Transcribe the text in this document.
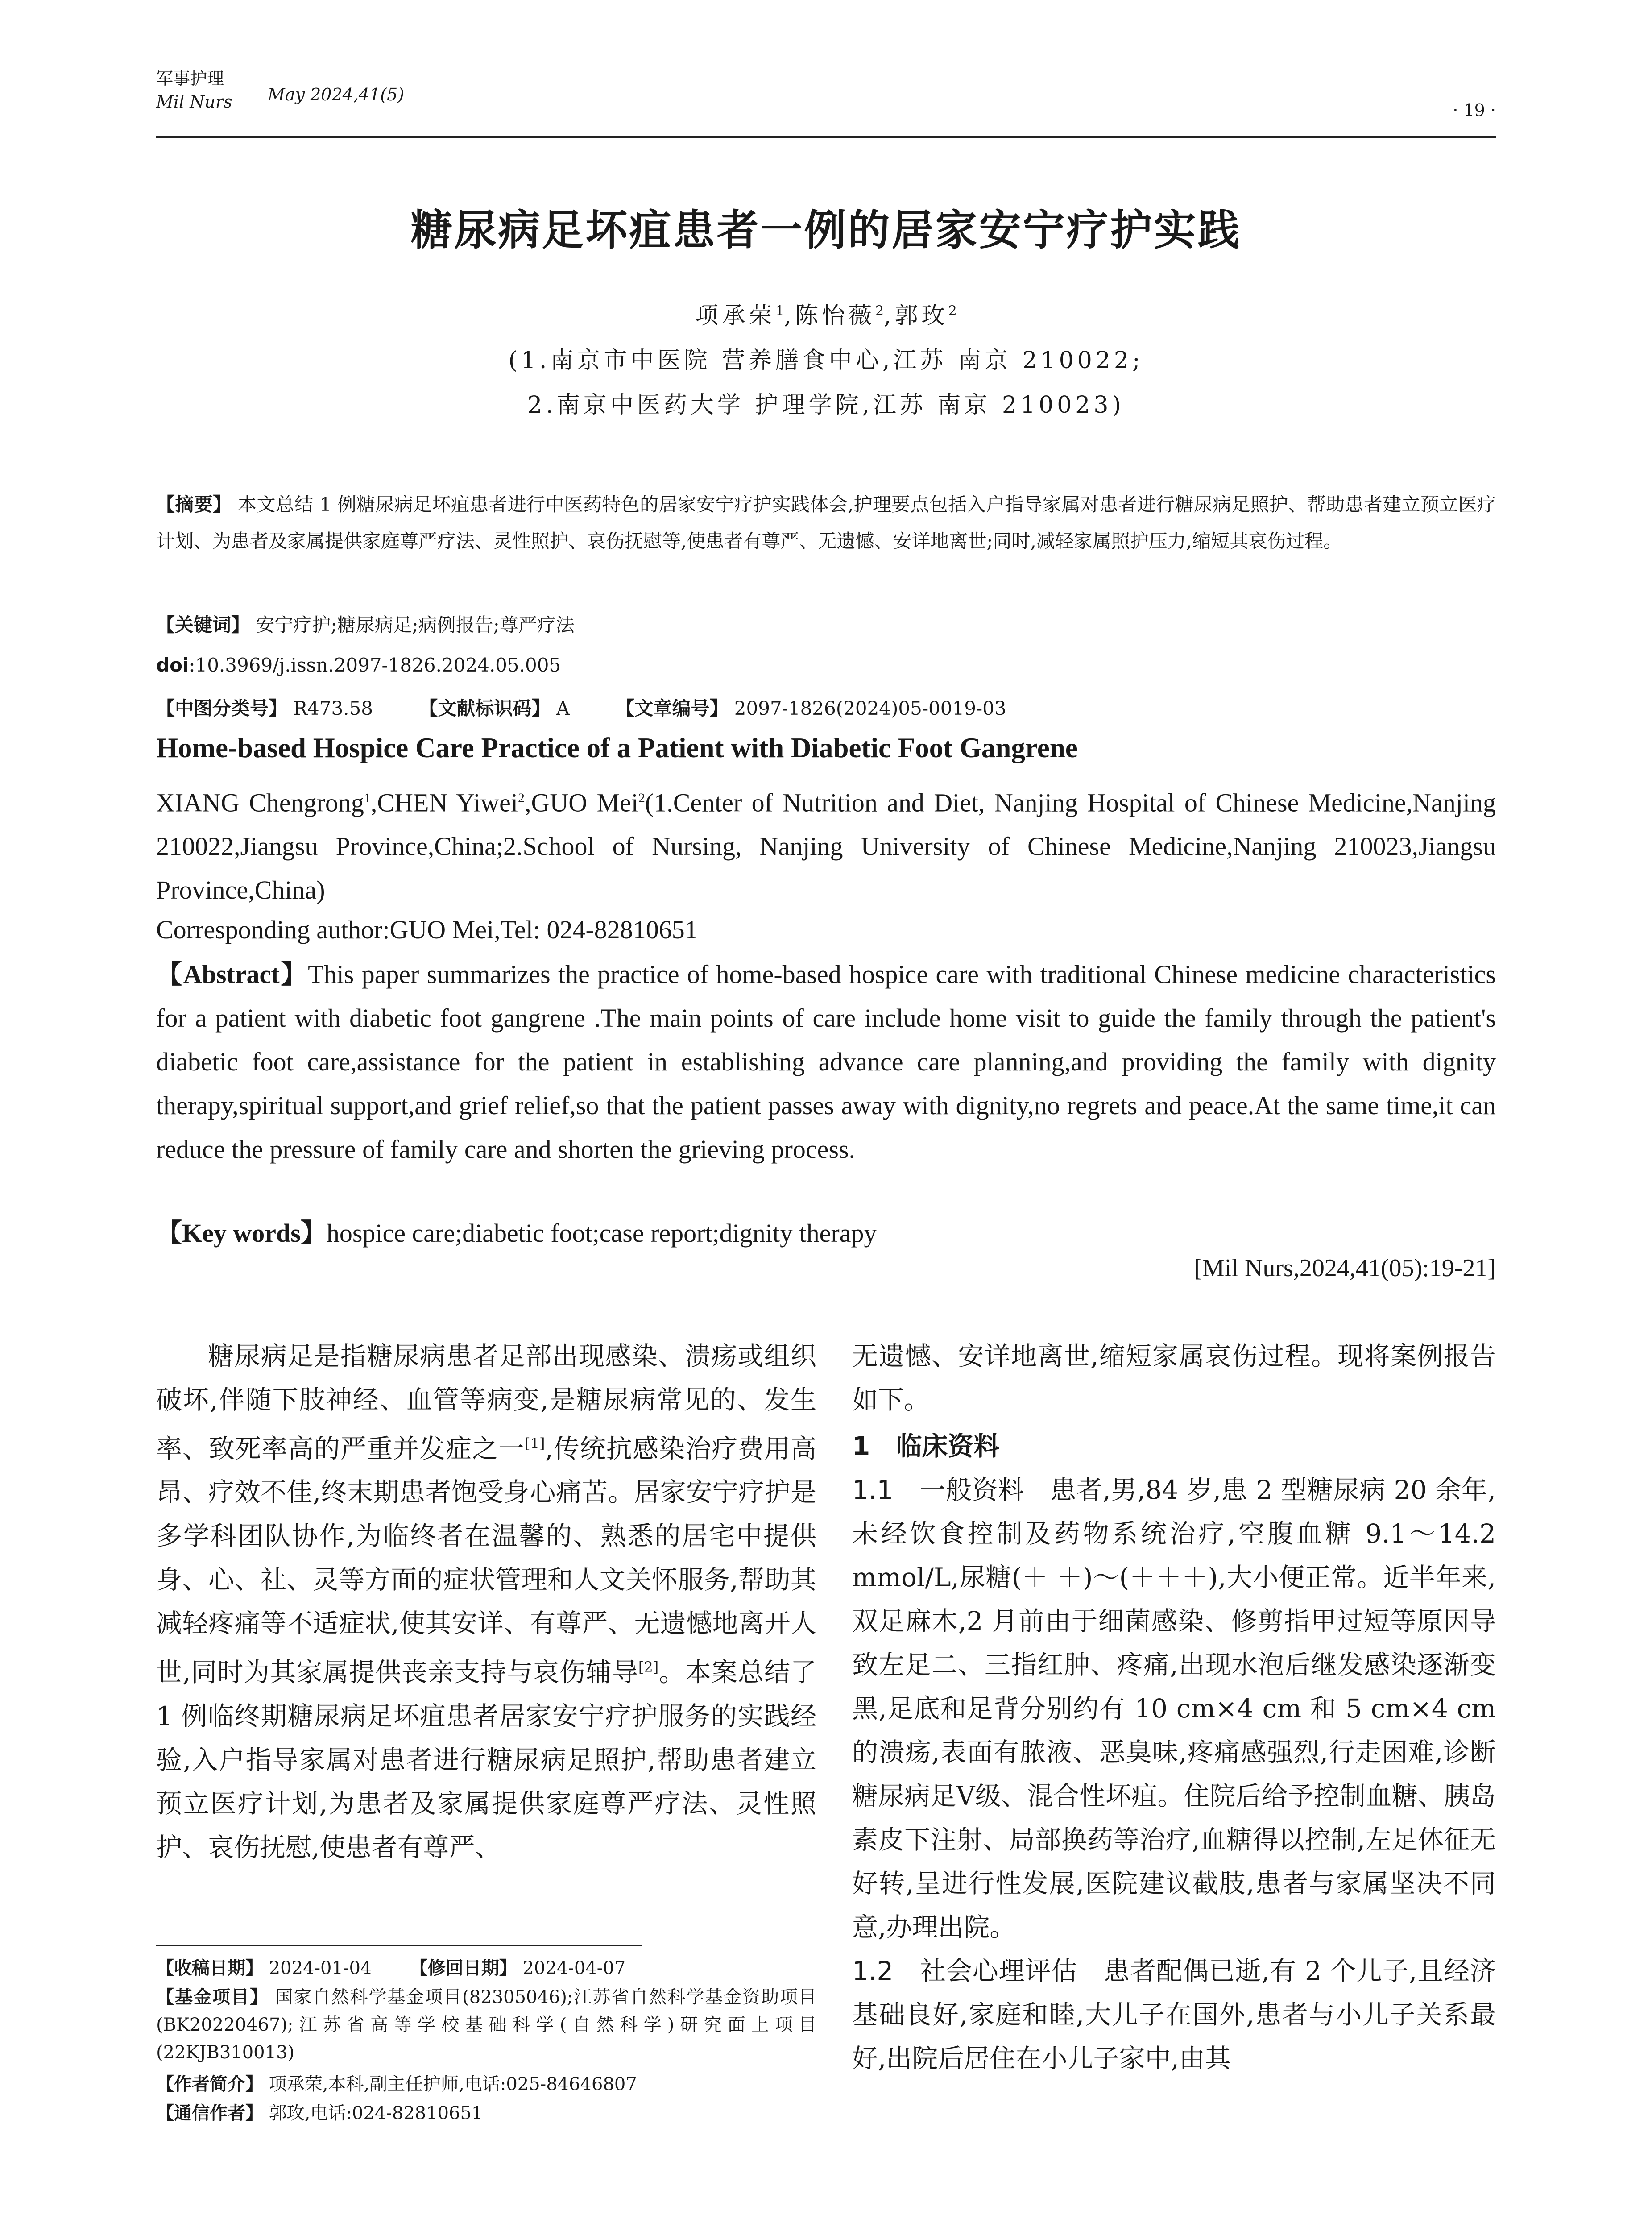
军事护理
Mil Nurs May 2024,41(5)
· 19 ·
糖尿病足坏疽患者一例的居家安宁疗护实践
项承荣$^1$,陈怡薇$^2$,郭玫$^2$
(1.南京市中医院 营养膳食中心,江苏 南京 210022;
2.南京中医药大学 护理学院,江苏 南京 210023)
【摘要】 本文总结 1 例糖尿病足坏疽患者进行中医药特色的居家安宁疗护实践体会,护理要点包括入户指导家属对患者进行糖尿病足照护、帮助患者建立预立医疗计划、为患者及家属提供家庭尊严疗法、灵性照护、哀伤抚慰等,使患者有尊严、无遗憾、安详地离世;同时,减轻家属照护压力,缩短其哀伤过程。
【关键词】 安宁疗护;糖尿病足;病例报告;尊严疗法
doi:10.3969/j.issn.2097-1826.2024.05.005
【中图分类号】 R473.58 【文献标识码】 A 【文章编号】 2097-1826(2024)05-0019-03
Home-based Hospice Care Practice of a Patient with Diabetic Foot Gangrene
XIANG Chengrong$^1$,CHEN Yiwei$^2$,GUO Mei$^2$(1.Center of Nutrition and Diet, Nanjing Hospital of Chinese Medicine,Nanjing 210022,Jiangsu Province,China;2.School of Nursing, Nanjing University of Chinese Medicine,Nanjing 210023,Jiangsu Province,China)
Corresponding author:GUO Mei,Tel: 024-82810651
【Abstract】This paper summarizes the practice of home-based hospice care with traditional Chinese medicine characteristics for a patient with diabetic foot gangrene .The main points of care include home visit to guide the family through the patient's diabetic foot care,assistance for the patient in establishing advance care planning,and providing the family with dignity therapy,spiritual support,and grief relief,so that the patient passes away with dignity,no regrets and peace.At the same time,it can reduce the pressure of family care and shorten the grieving process.
【Key words】hospice care;diabetic foot;case report;dignity therapy
[Mil Nurs,2024,41(05):19-21]

糖尿病足是指糖尿病患者足部出现感染、溃疡或组织破坏,伴随下肢神经、血管等病变,是糖尿病常见的、发生率、致死率高的严重并发症之一[1],传统抗感染治疗费用高昂、疗效不佳,终末期患者饱受身心痛苦。居家安宁疗护是多学科团队协作,为临终者在温馨的、熟悉的居宅中提供身、心、社、灵等方面的症状管理和人文关怀服务,帮助其减轻疼痛等不适症状,使其安详、有尊严、无遗憾地离开人世,同时为其家属提供丧亲支持与哀伤辅导[2]。本案总结了 1 例临终期糖尿病足坏疽患者居家安宁疗护服务的实践经验,入户指导家属对患者进行糖尿病足照护,帮助患者建立预立医疗计划,为患者及家属提供家庭尊严疗法、灵性照护、哀伤抚慰,使患者有尊严、

无遗憾、安详地离世,缩短家属哀伤过程。现将案例报告如下。

1　临床资料

1.1　一般资料　 患者,男,84 岁,患 2 型糖尿病 20 余年,未经饮食控制及药物系统治疗,空腹血糖 9.1～14.2 mmol/L,尿糖(＋ ＋)～(＋＋＋),大小便正常。近半年来,双足麻木,2 月前由于细菌感染、修剪指甲过短等原因导致左足二、三指红肿、疼痛,出现水泡后继发感染逐渐变黑,足底和足背分别约有 10 cm×4 cm 和 5 cm×4 cm 的溃疡,表面有脓液、恶臭味,疼痛感强烈,行走困难,诊断糖尿病足Ⅴ级、混合性坏疽。住院后给予控制血糖、胰岛素皮下注射、局部换药等治疗,血糖得以控制,左足体征无好转,呈进行性发展,医院建议截肢,患者与家属坚决不同意,办理出院。

1.2　社会心理评估　 患者配偶已逝,有 2 个儿子,且经济基础良好,家庭和睦,大儿子在国外,患者与小儿子关系最好,出院后居住在小儿子家中,由其

【收稿日期】 2024-01-04 【修回日期】 2024-04-07
【基金项目】 国家自然科学基金项目(82305046);江苏省自然科学基金资助项目(BK20220467);江苏省高等学校基础科学(自然科学)研究面上项目(22KJB310013)
【作者简介】 项承荣,本科,副主任护师,电话:025-84646807
【通信作者】 郭玫,电话:024-82810651
